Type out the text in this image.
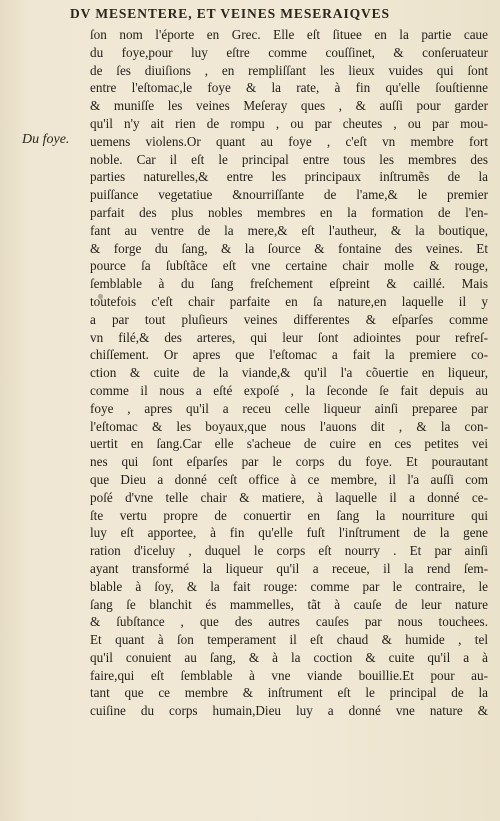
DV MESENTERE, ET VEINES MESERAIQVES
Du foye.
ſon nom l'éporte en Grec. Elle eſt ſituee en la partie caue
du foye,pour luy eſtre comme couſſinet, & conſeruateur
de ſes diuiſions , en rempliſſant les lieux vuides qui ſont
entre l'eſtomac,le foye & la rate, à fin qu'elle ſouſtienne
& muniſſe les veines Meſeray ques , & auſſi pour garder
qu'il n'y ait rien de rompu , ou par cheutes , ou par mou-
uemens violens.Or quant au foye , c'eſt vn membre fort
noble. Car il eſt le principal entre tous les membres des
parties naturelles,& entre les principaux inſtrumẽs de la
puiſſance vegetatiue &nourriſſante de l'ame,& le premier
parfait des plus nobles membres en la formation de l'en-
fant au ventre de la mere,& eſt l'autheur, & la boutique,
& forge du ſang, & la ſource & fontaine des veines. Et
pource ſa ſubſtãce eſt vne certaine chair molle & rouge,
ſemblable à du ſang freſchement eſpreint & caillé. Mais
toutefois c'eſt chair parfaite en ſa nature,en laquelle il y
a par tout pluſieurs veines differentes & eſparſes comme
vn filé,& des arteres, qui leur ſont adiointes pour refreſ-
chiſſement. Or apres que l'eſtomac a fait la premiere co-
ction & cuite de la viande,& qu'il l'a cõuertie en liqueur,
comme il nous a eſté expoſé , la ſeconde ſe fait depuis au
foye , apres qu'il a receu celle liqueur ainſi preparee par
l'eſtomac & les boyaux,que nous l'auons dit , & la con-
uertit en ſang.Car elle s'acheue de cuire en ces petites vei
nes qui ſont eſparſes par le corps du foye. Et pourautant
que Dieu a donné ceſt office à ce membre, il l'a auſſi com
poſé d'vne telle chair & matiere, à laquelle il a donné ce-
ſte vertu propre de conuertir en ſang la nourriture qui
luy eſt apportee, à fin qu'elle fuſt l'inſtrument de la gene
ration d'iceluy , duquel le corps eſt nourry . Et par ainſi
ayant transformé la liqueur qu'il a receue, il la rend ſem-
blable à ſoy, & la fait rouge: comme par le contraire, le
ſang ſe blanchit és mammelles, tãt à cauſe de leur nature
& ſubſtance , que des autres cauſes par nous touchees.
Et quant à ſon temperament il eſt chaud & humide , tel
qu'il conuient au ſang, & à la coction & cuite qu'il a à
faire,qui eſt ſemblable à vne viande bouillie.Et pour au-
tant que ce membre & inſtrument eſt le principal de la
cuiſine du corps humain,Dieu luy a donné vne nature &
